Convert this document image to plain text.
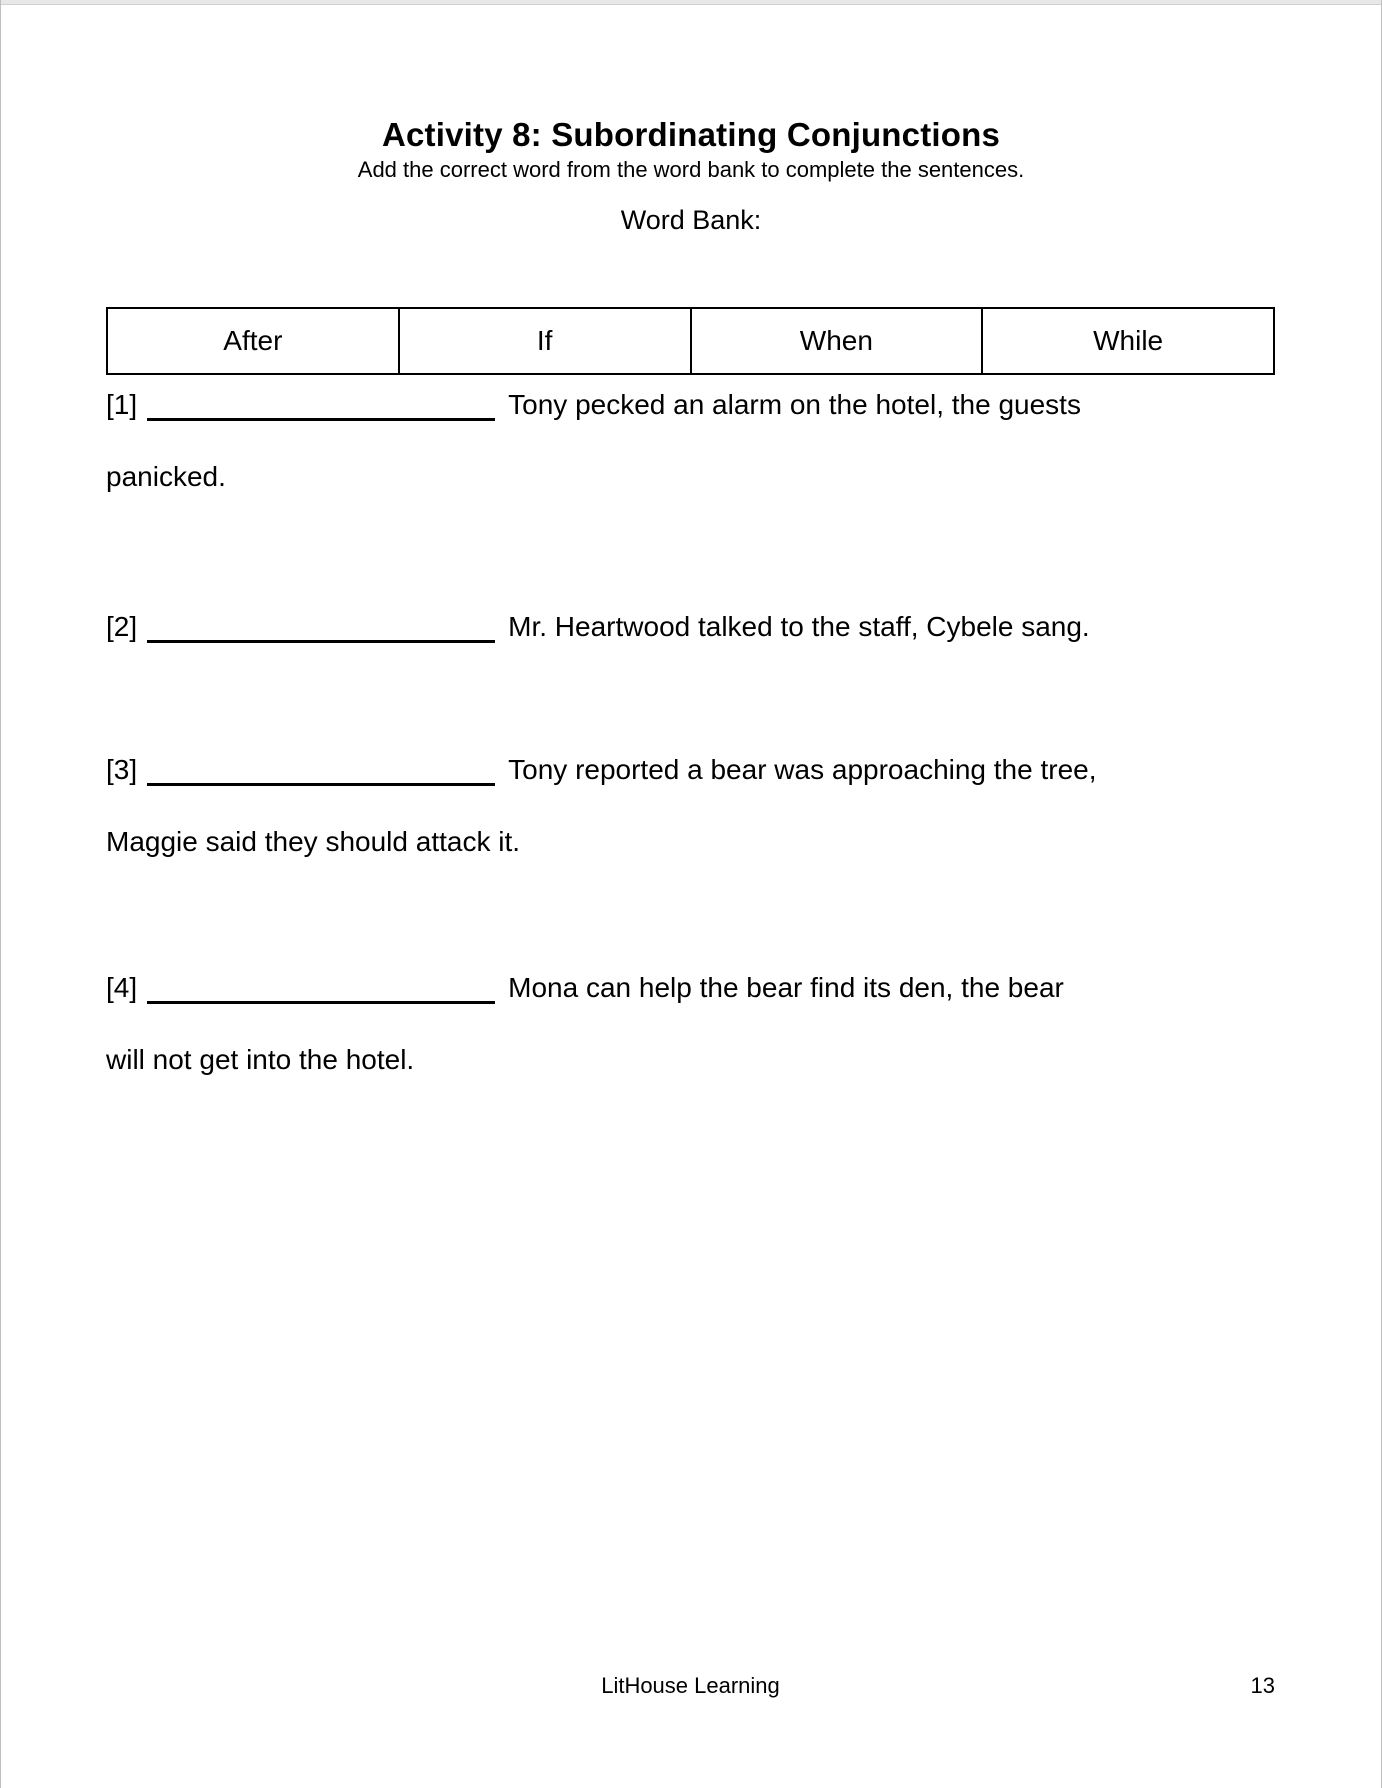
Activity 8: Subordinating Conjunctions
Add the correct word from the word bank to complete the sentences.
Word Bank:
After	If	When	While
[1]	Tony pecked an alarm on the hotel, the guests
panicked.
[2]	Mr. Heartwood talked to the staff, Cybele sang.
[3]	Tony reported a bear was approaching the tree,
Maggie said they should attack it.
[4]	Mona can help the bear find its den, the bear
will not get into the hotel.
LitHouse Learning	13
